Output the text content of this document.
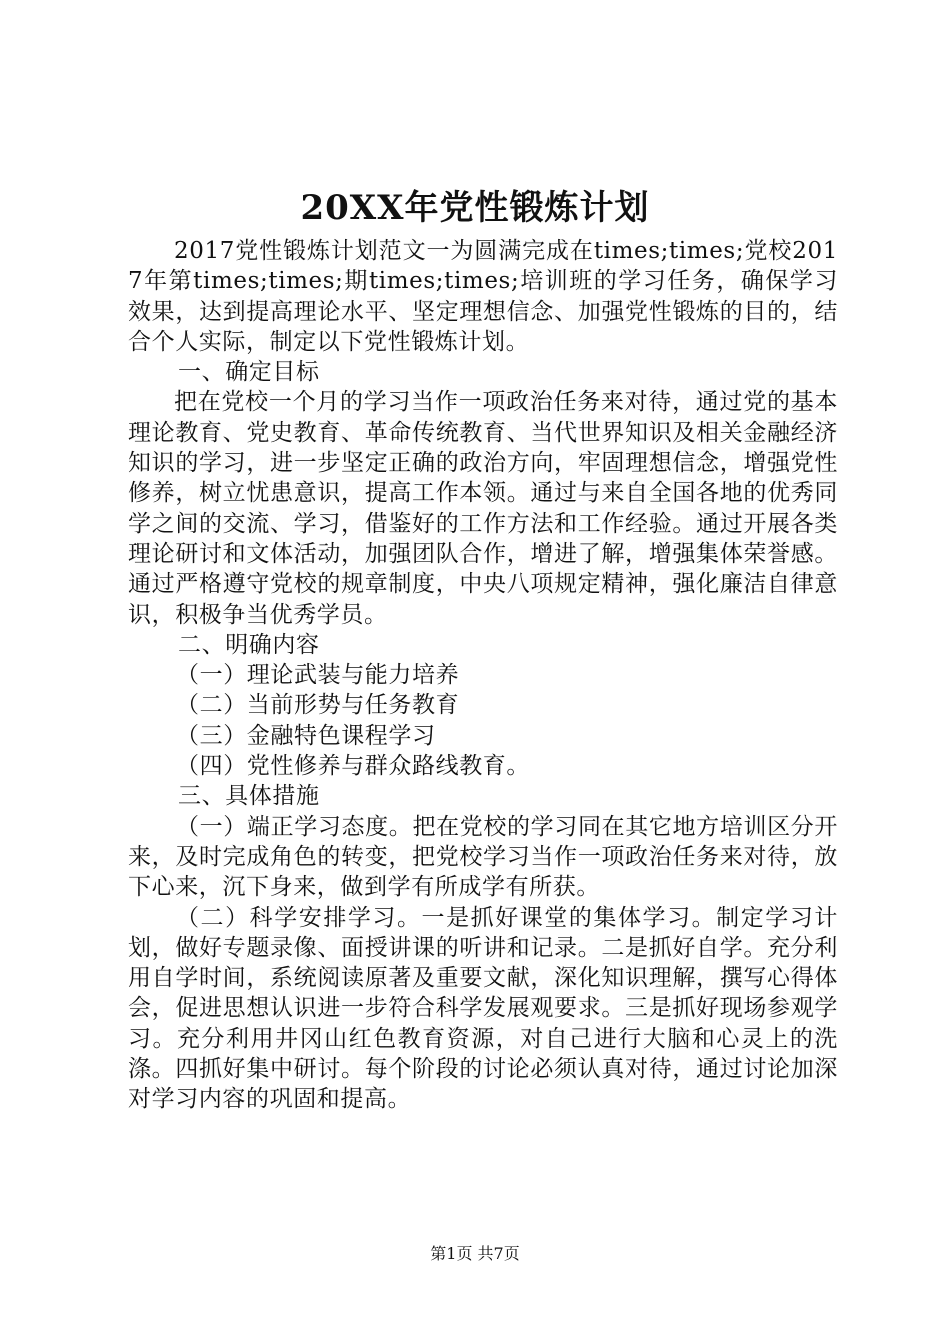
20XX年党性锻炼计划

2017党性锻炼计划范文一为圆满完成在times;times;党校2017年第times;times;期times;times;培训班的学习任务，确保学习效果，达到提高理论水平、坚定理想信念、加强党性锻炼的目的，结合个人实际，制定以下党性锻炼计划。

一、确定目标

把在党校一个月的学习当作一项政治任务来对待，通过党的基本理论教育、党史教育、革命传统教育、当代世界知识及相关金融经济知识的学习，进一步坚定正确的政治方向，牢固理想信念，增强党性修养，树立忧患意识，提高工作本领。通过与来自全国各地的优秀同学之间的交流、学习，借鉴好的工作方法和工作经验。通过开展各类理论研讨和文体活动，加强团队合作，增进了解，增强集体荣誉感。通过严格遵守党校的规章制度，中央八项规定精神，强化廉洁自律意识，积极争当优秀学员。

二、明确内容

（一）理论武装与能力培养

（二）当前形势与任务教育

（三）金融特色课程学习

（四）党性修养与群众路线教育。

三、具体措施

（一）端正学习态度。把在党校的学习同在其它地方培训区分开来，及时完成角色的转变，把党校学习当作一项政治任务来对待，放下心来，沉下身来，做到学有所成学有所获。

（二）科学安排学习。一是抓好课堂的集体学习。制定学习计划，做好专题录像、面授讲课的听讲和记录。二是抓好自学。充分利用自学时间，系统阅读原著及重要文献，深化知识理解，撰写心得体会，促进思想认识进一步符合科学发展观要求。三是抓好现场参观学习。充分利用井冈山红色教育资源，对自己进行大脑和心灵上的洗涤。四抓好集中研讨。每个阶段的讨论必须认真对待，通过讨论加深对学习内容的巩固和提高。

第1页 共7页
